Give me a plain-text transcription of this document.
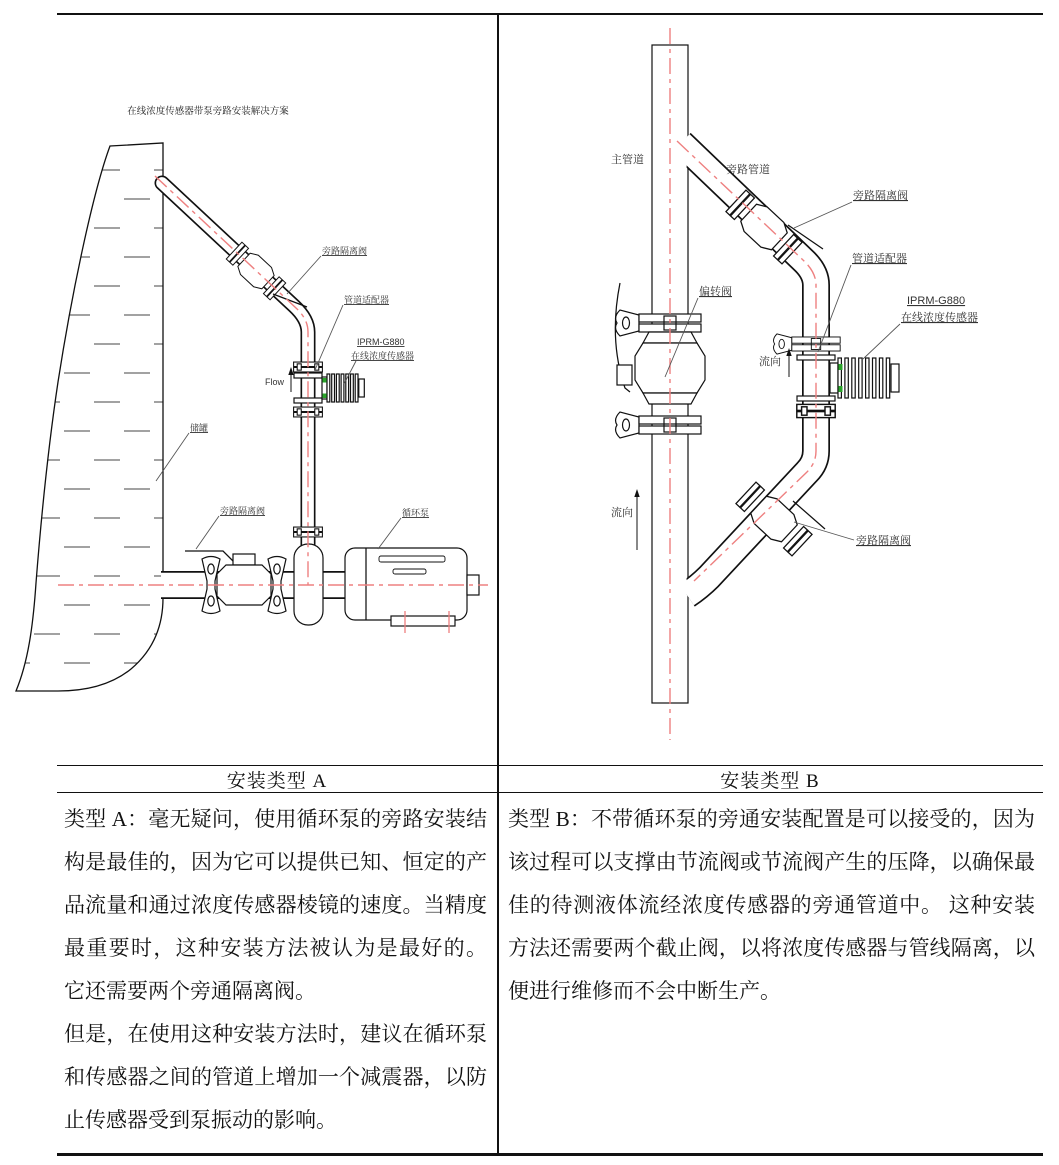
在线浓度传感器带泵旁路安装解决方案
旁路隔离阀
管道适配器
IPRM-G880
在线浓度传感器
Flow
储罐
旁路隔离阀	循环泵
主管道
旁路管道
旁路隔离阀
管道适配器
IPRM-G880
在线浓度传感器
偏转阀
流向
流向
旁路隔离阀
安装类型 A	安装类型 B

类型 A：毫无疑问，使用循环泵的旁路安装结构是最佳的，因为它可以提供已知、恒定的产品流量和通过浓度传感器棱镜的速度。当精度最重要时，这种安装方法被认为是最好的。 它还需要两个旁通隔离阀。

但是，在使用这种安装方法时，建议在循环泵和传感器之间的管道上增加一个减震器，以防止传感器受到泵振动的影响。

类型 B：不带循环泵的旁通安装配置是可以接受的，因为该过程可以支撑由节流阀或节流阀产生的压降，以确保最佳的待测液体流经浓度传感器的旁通管道中。 这种安装方法还需要两个截止阀，以将浓度传感器与管线隔离，以便进行维修而不会中断生产。
